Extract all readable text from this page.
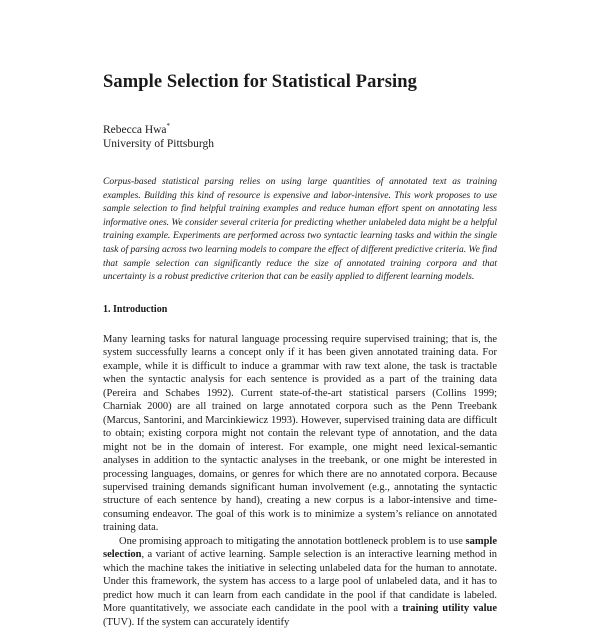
Sample Selection for Statistical Parsing
Rebecca Hwa*
University of Pittsburgh

Corpus-based statistical parsing relies on using large quantities of annotated text as training examples. Building this kind of resource is expensive and labor-intensive. This work proposes to use sample selection to find helpful training examples and reduce human effort spent on annotating less informative ones. We consider several criteria for predicting whether unlabeled data might be a helpful training example. Experiments are performed across two syntactic learning tasks and within the single task of parsing across two learning models to compare the effect of different predictive criteria. We find that sample selection can significantly reduce the size of annotated training corpora and that uncertainty is a robust predictive criterion that can be easily applied to different learning models.

1. Introduction

Many learning tasks for natural language processing require supervised training; that is, the system successfully learns a concept only if it has been given annotated training data. For example, while it is difficult to induce a grammar with raw text alone, the task is tractable when the syntactic analysis for each sentence is provided as a part of the training data (Pereira and Schabes 1992). Current state-of-the-art statistical parsers (Collins 1999; Charniak 2000) are all trained on large annotated corpora such as the Penn Treebank (Marcus, Santorini, and Marcinkiewicz 1993). However, supervised training data are difficult to obtain; existing corpora might not contain the relevant type of annotation, and the data might not be in the domain of interest. For example, one might need lexical-semantic analyses in addition to the syntactic analyses in the treebank, or one might be interested in processing languages, domains, or genres for which there are no annotated corpora. Because supervised training demands significant human involvement (e.g., annotating the syntactic structure of each sentence by hand), creating a new corpus is a labor-intensive and time-consuming endeavor. The goal of this work is to minimize a system’s reliance on annotated training data.

One promising approach to mitigating the annotation bottleneck problem is to use sample selection, a variant of active learning. Sample selection is an interactive learning method in which the machine takes the initiative in selecting unlabeled data for the human to annotate. Under this framework, the system has access to a large pool of unlabeled data, and it has to predict how much it can learn from each candidate in the pool if that candidate is labeled. More quantitatively, we associate each candidate in the pool with a training utility value (TUV). If the system can accurately identify
